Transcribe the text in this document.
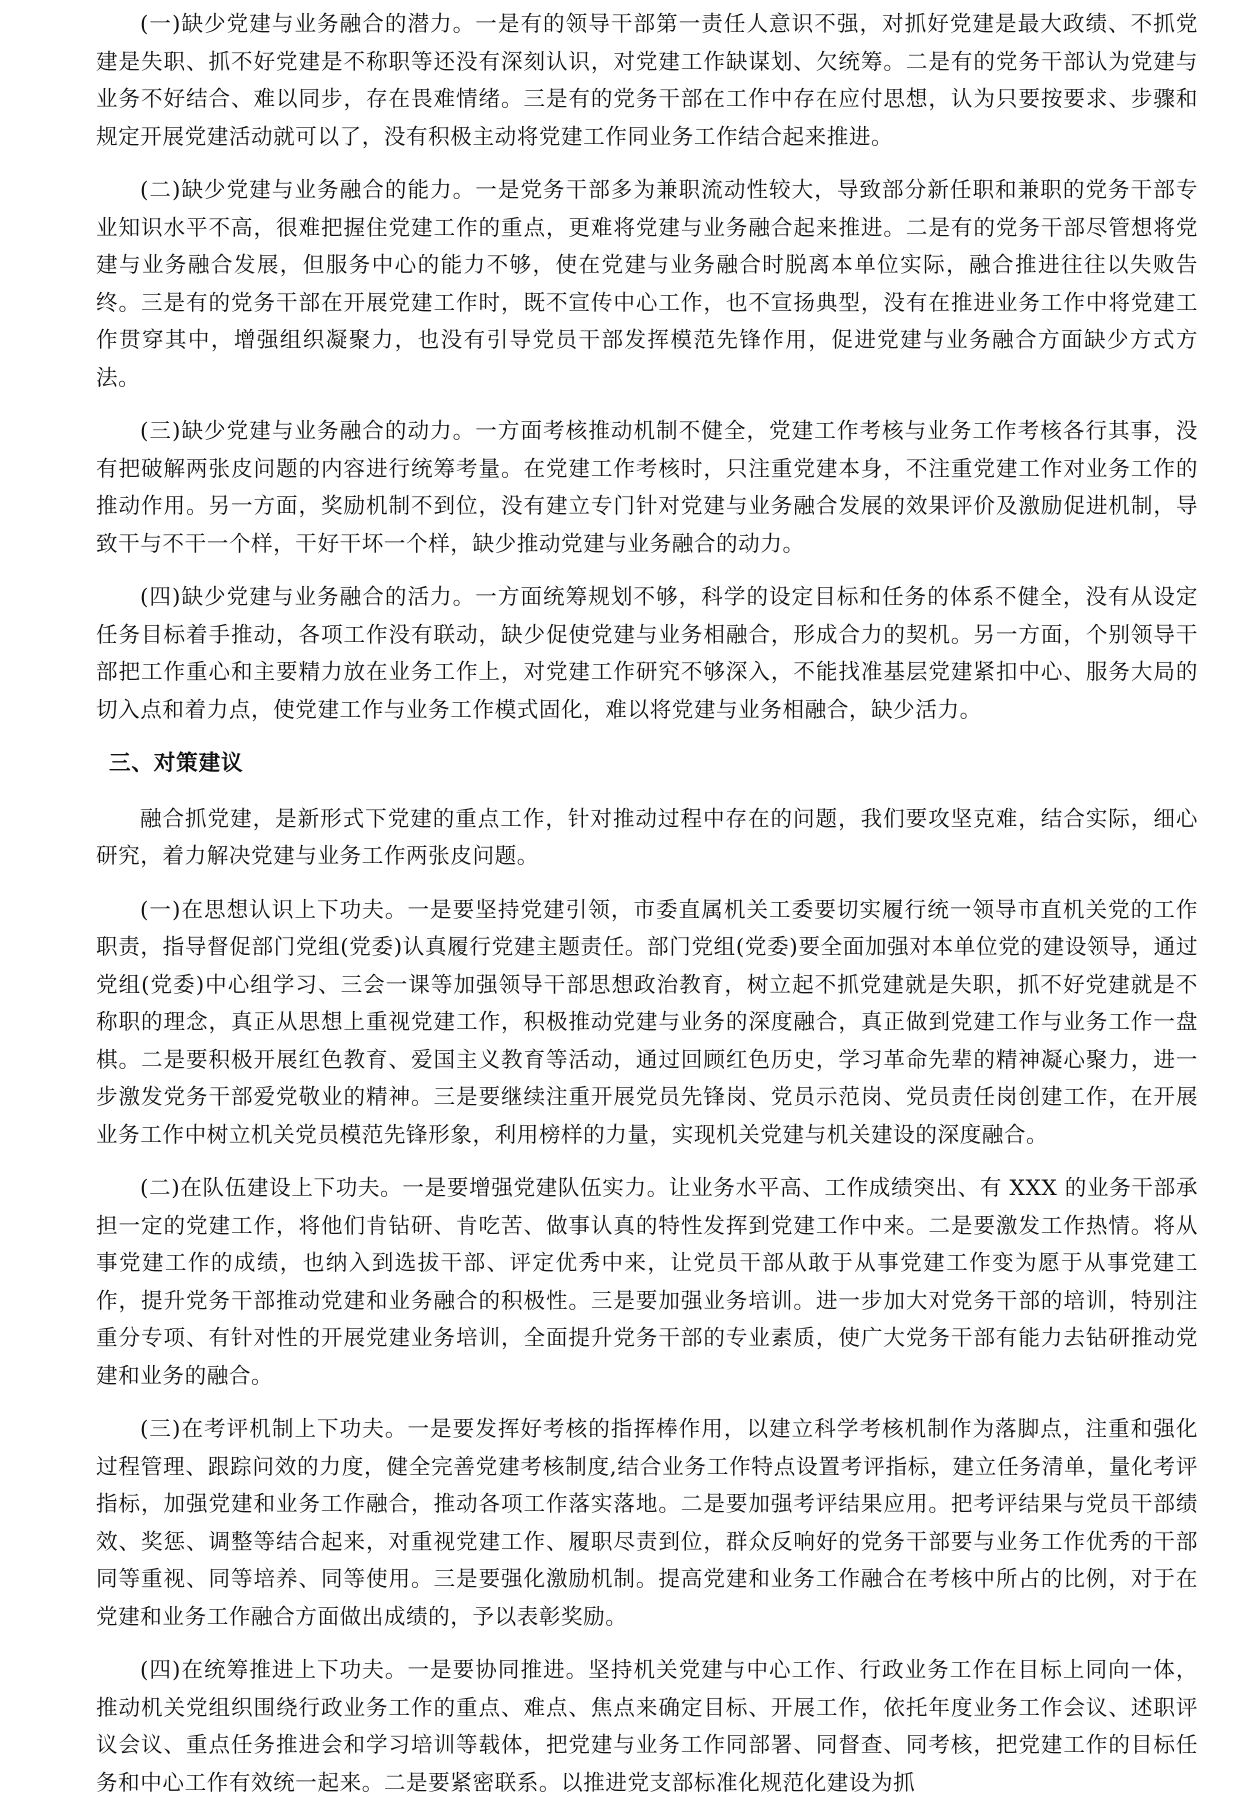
(一)缺少党建与业务融合的潜力。一是有的领导干部第一责任人意识不强，对抓好党建是最大政绩、不抓党建是失职、抓不好党建是不称职等还没有深刻认识，对党建工作缺谋划、欠统筹。二是有的党务干部认为党建与业务不好结合、难以同步，存在畏难情绪。三是有的党务干部在工作中存在应付思想，认为只要按要求、步骤和规定开展党建活动就可以了，没有积极主动将党建工作同业务工作结合起来推进。

(二)缺少党建与业务融合的能力。一是党务干部多为兼职流动性较大，导致部分新任职和兼职的党务干部专业知识水平不高，很难把握住党建工作的重点，更难将党建与业务融合起来推进。二是有的党务干部尽管想将党建与业务融合发展，但服务中心的能力不够，使在党建与业务融合时脱离本单位实际，融合推进往往以失败告终。三是有的党务干部在开展党建工作时，既不宣传中心工作，也不宣扬典型，没有在推进业务工作中将党建工作贯穿其中，增强组织凝聚力，也没有引导党员干部发挥模范先锋作用，促进党建与业务融合方面缺少方式方法。

(三)缺少党建与业务融合的动力。一方面考核推动机制不健全，党建工作考核与业务工作考核各行其事，没有把破解两张皮问题的内容进行统筹考量。在党建工作考核时，只注重党建本身，不注重党建工作对业务工作的推动作用。另一方面，奖励机制不到位，没有建立专门针对党建与业务融合发展的效果评价及激励促进机制，导致干与不干一个样，干好干坏一个样，缺少推动党建与业务融合的动力。

(四)缺少党建与业务融合的活力。一方面统筹规划不够，科学的设定目标和任务的体系不健全，没有从设定任务目标着手推动，各项工作没有联动，缺少促使党建与业务相融合，形成合力的契机。另一方面，个别领导干部把工作重心和主要精力放在业务工作上，对党建工作研究不够深入，不能找准基层党建紧扣中心、服务大局的切入点和着力点，使党建工作与业务工作模式固化，难以将党建与业务相融合，缺少活力。

三、对策建议

融合抓党建，是新形式下党建的重点工作，针对推动过程中存在的问题，我们要攻坚克难，结合实际，细心研究，着力解决党建与业务工作两张皮问题。

(一)在思想认识上下功夫。一是要坚持党建引领，市委直属机关工委要切实履行统一领导市直机关党的工作职责，指导督促部门党组(党委)认真履行党建主题责任。部门党组(党委)要全面加强对本单位党的建设领导，通过党组(党委)中心组学习、三会一课等加强领导干部思想政治教育，树立起不抓党建就是失职，抓不好党建就是不称职的理念，真正从思想上重视党建工作，积极推动党建与业务的深度融合，真正做到党建工作与业务工作一盘棋。二是要积极开展红色教育、爱国主义教育等活动，通过回顾红色历史，学习革命先辈的精神凝心聚力，进一步激发党务干部爱党敬业的精神。三是要继续注重开展党员先锋岗、党员示范岗、党员责任岗创建工作，在开展业务工作中树立机关党员模范先锋形象，利用榜样的力量，实现机关党建与机关建设的深度融合。

(二)在队伍建设上下功夫。一是要增强党建队伍实力。让业务水平高、工作成绩突出、有 XXX 的业务干部承担一定的党建工作，将他们肯钻研、肯吃苦、做事认真的特性发挥到党建工作中来。二是要激发工作热情。将从事党建工作的成绩，也纳入到选拔干部、评定优秀中来，让党员干部从敢于从事党建工作变为愿于从事党建工作，提升党务干部推动党建和业务融合的积极性。三是要加强业务培训。进一步加大对党务干部的培训，特别注重分专项、有针对性的开展党建业务培训，全面提升党务干部的专业素质，使广大党务干部有能力去钻研推动党建和业务的融合。

(三)在考评机制上下功夫。一是要发挥好考核的指挥棒作用，以建立科学考核机制作为落脚点，注重和强化过程管理、跟踪问效的力度，健全完善党建考核制度,结合业务工作特点设置考评指标，建立任务清单，量化考评指标，加强党建和业务工作融合，推动各项工作落实落地。二是要加强考评结果应用。把考评结果与党员干部绩效、奖惩、调整等结合起来，对重视党建工作、履职尽责到位，群众反响好的党务干部要与业务工作优秀的干部同等重视、同等培养、同等使用。三是要强化激励机制。提高党建和业务工作融合在考核中所占的比例，对于在党建和业务工作融合方面做出成绩的，予以表彰奖励。

(四)在统筹推进上下功夫。一是要协同推进。坚持机关党建与中心工作、行政业务工作在目标上同向一体，推动机关党组织围绕行政业务工作的重点、难点、焦点来确定目标、开展工作，依托年度业务工作会议、述职评议会议、重点任务推进会和学习培训等载体，把党建与业务工作同部署、同督查、同考核，把党建工作的目标任务和中心工作有效统一起来。二是要紧密联系。以推进党支部标准化规范化建设为抓
